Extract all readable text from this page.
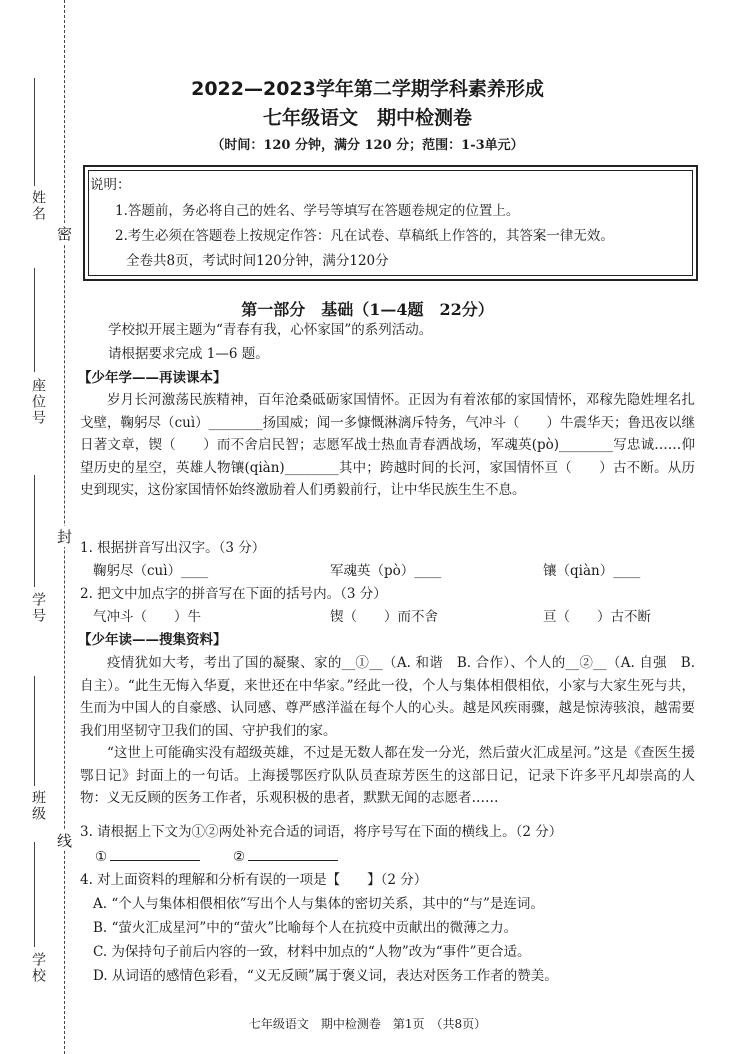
姓名
座位号
学号
班级
学校
密
封
线
2022—2023学年第二学期学科素养形成
七年级语文　期中检测卷
（时间：120 分钟，满分 120 分；范围：1-3单元）
说明：
1.答题前，务必将自己的姓名、学号等填写在答题卷规定的位置上。
2.考生必须在答题卷上按规定作答：凡在试卷、草稿纸上作答的，其答案一律无效。
全卷共8页，考试时间120分钟，满分120分
第一部分　基础（1—4题　22分）
学校拟开展主题为“青春有我，心怀家国”的系列活动。
请根据要求完成 1—6 题。
【少年学——再读课本】
岁月长河激荡民族精神，百年沧桑砥砺家国情怀。正因为有着浓郁的家国情怀，邓稼先隐姓埋名扎戈壁，鞠躬尽（cuì）________扬国威；闻一多慷慨淋漓斥特务，气冲斗（　　）牛震华天；鲁迅夜以继日著文章，锲（　　）而不舍启民智；志愿军战士热血青春洒战场，军魂英(pò)________写忠诚……仰望历史的星空，英雄人物镶(qiàn)________其中；跨越时间的长河，家国情怀亘（　　）古不断。从历史到现实，这份家国情怀始终激励着人们勇毅前行，让中华民族生生不息。
1. 根据拼音写出汉字。（3 分）
鞠躬尽（cuì）____	军魂英（pò）____	镶（qiàn）____
2. 把文中加点字的拼音写在下面的括号内。（3 分）
气冲斗（　　）牛	锲（　　）而不舍	亘（　　）古不断
【少年读——搜集资料】
疫情犹如大考，考出了国的凝聚、家的__①__（A. 和谐　B. 合作）、个人的__②__（A. 自强　B. 自主）。“此生无悔入华夏，来世还在中华家。”经此一役，个人与集体相偎相依，小家与大家生死与共，生而为中国人的自豪感、认同感、尊严感洋溢在每个人的心头。越是风疾雨骤，越是惊涛骇浪，越需要我们用坚韧守卫我们的国、守护我们的家。
“这世上可能确实没有超级英雄，不过是无数人都在发一分光，然后萤火汇成星河。”这是《查医生援鄂日记》封面上的一句话。上海援鄂医疗队队员查琼芳医生的这部日记，记录下许多平凡却崇高的人物：义无反顾的医务工作者，乐观积极的患者，默默无闻的志愿者……
3. 请根据上下文为①②两处补充合适的词语，将序号写在下面的横线上。（2 分）
①	②
4. 对上面资料的理解和分析有误的一项是【　　】（2 分）
A. “个人与集体相偎相依”写出个人与集体的密切关系，其中的“与”是连词。
B. “萤火汇成星河”中的“萤火”比喻每个人在抗疫中贡献出的微薄之力。
C. 为保持句子前后内容的一致，材料中加点的“人物”改为“事件”更合适。
D. 从词语的感情色彩看，“义无反顾”属于褒义词，表达对医务工作者的赞美。
七年级语文　期中检测卷　第1页　（共8页）
